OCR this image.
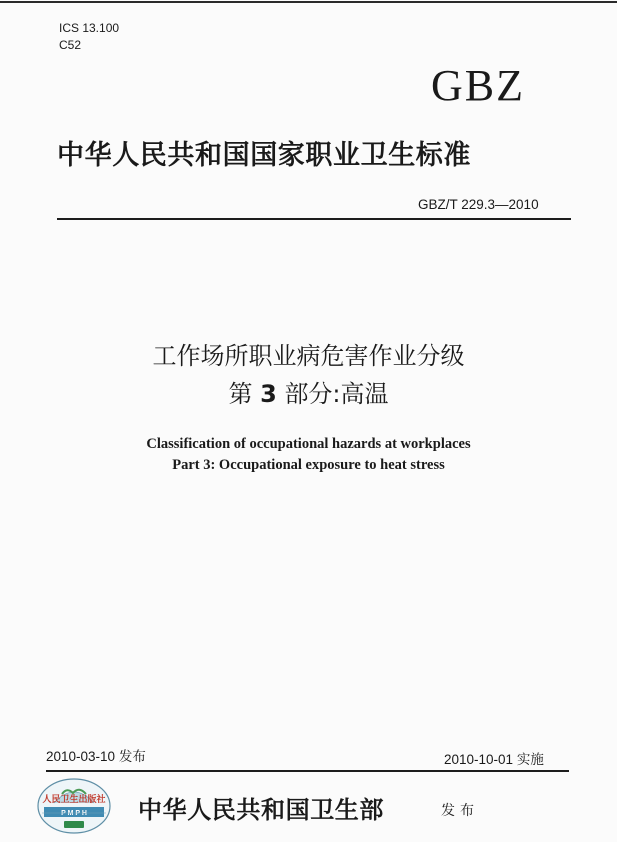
ICS 13.100
C52
GBZ
中华人民共和国国家职业卫生标准
GBZ/T 229.3—2010
工作场所职业病危害作业分级
第 3 部分:高温
Classification of occupational hazards at workplaces
Part 3: Occupational exposure to heat stress
2010-03-10 发布	2010-10-01 实施
人民卫生出版社
P M P H 中华人民共和国卫生部	发布
